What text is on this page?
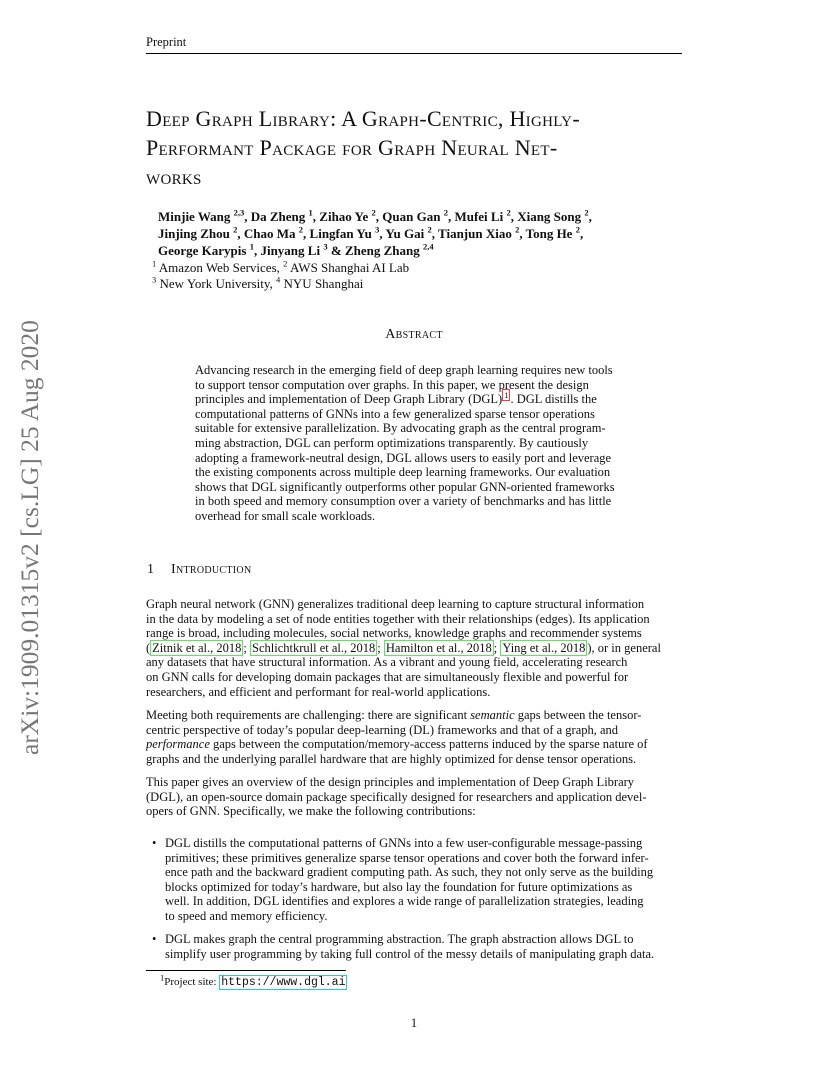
Preprint
arXiv:1909.01315v2 [cs.LG] 25 Aug 2020
Deep Graph Library: A Graph-Centric, Highly-
Performant Package for Graph Neural Net-
works
Minjie Wang $^{2,3}$, Da Zheng $^1$, Zihao Ye $^2$, Quan Gan $^2$, Mufei Li $^2$, Xiang Song $^2$,
Jinjing Zhou $^2$, Chao Ma $^2$, Lingfan Yu $^3$, Yu Gai $^2$, Tianjun Xiao $^2$, Tong He $^2$,
George Karypis $^1$, Jinyang Li $^3$ & Zheng Zhang $^{2,4}$
$^1$ Amazon Web Services, $^2$ AWS Shanghai AI Lab
$^3$ New York University, $^4$ NYU Shanghai
Abstract
Advancing research in the emerging field of deep graph learning requires new tools
to support tensor computation over graphs. In this paper, we present the design
principles and implementation of Deep Graph Library (DGL) $^1$ . DGL distills the
computational patterns of GNNs into a few generalized sparse tensor operations
suitable for extensive parallelization. By advocating graph as the central program-
ming abstraction, DGL can perform optimizations transparently. By cautiously
adopting a framework-neutral design, DGL allows users to easily port and leverage
the existing components across multiple deep learning frameworks. Our evaluation
shows that DGL significantly outperforms other popular GNN-oriented frameworks
in both speed and memory consumption over a variety of benchmarks and has little
overhead for small scale workloads.
1 Introduction
Graph neural network (GNN) generalizes traditional deep learning to capture structural information
in the data by modeling a set of node entities together with their relationships (edges). Its application
range is broad, including molecules, social networks, knowledge graphs and recommender systems
( Zitnik et al., 2018 ; Schlichtkrull et al., 2018 ; Hamilton et al., 2018 ; Ying et al., 2018 ), or in general
any datasets that have structural information. As a vibrant and young field, accelerating research
on GNN calls for developing domain packages that are simultaneously flexible and powerful for
researchers, and efficient and performant for real-world applications.
Meeting both requirements are challenging: there are significant semantic gaps between the tensor-
centric perspective of today’s popular deep-learning (DL) frameworks and that of a graph, and
performance gaps between the computation/memory-access patterns induced by the sparse nature of
graphs and the underlying parallel hardware that are highly optimized for dense tensor operations.
This paper gives an overview of the design principles and implementation of Deep Graph Library
(DGL), an open-source domain package specifically designed for researchers and application devel-
opers of GNN. Specifically, we make the following contributions:
• DGL distills the computational patterns of GNNs into a few user-configurable message-passing
primitives; these primitives generalize sparse tensor operations and cover both the forward infer-
ence path and the backward gradient computing path. As such, they not only serve as the building
blocks optimized for today’s hardware, but also lay the foundation for future optimizations as
well. In addition, DGL identifies and explores a wide range of parallelization strategies, leading
to speed and memory efficiency.
• DGL makes graph the central programming abstraction. The graph abstraction allows DGL to
simplify user programming by taking full control of the messy details of manipulating graph data.
$^1$Project site: https://www.dgl.ai
1
